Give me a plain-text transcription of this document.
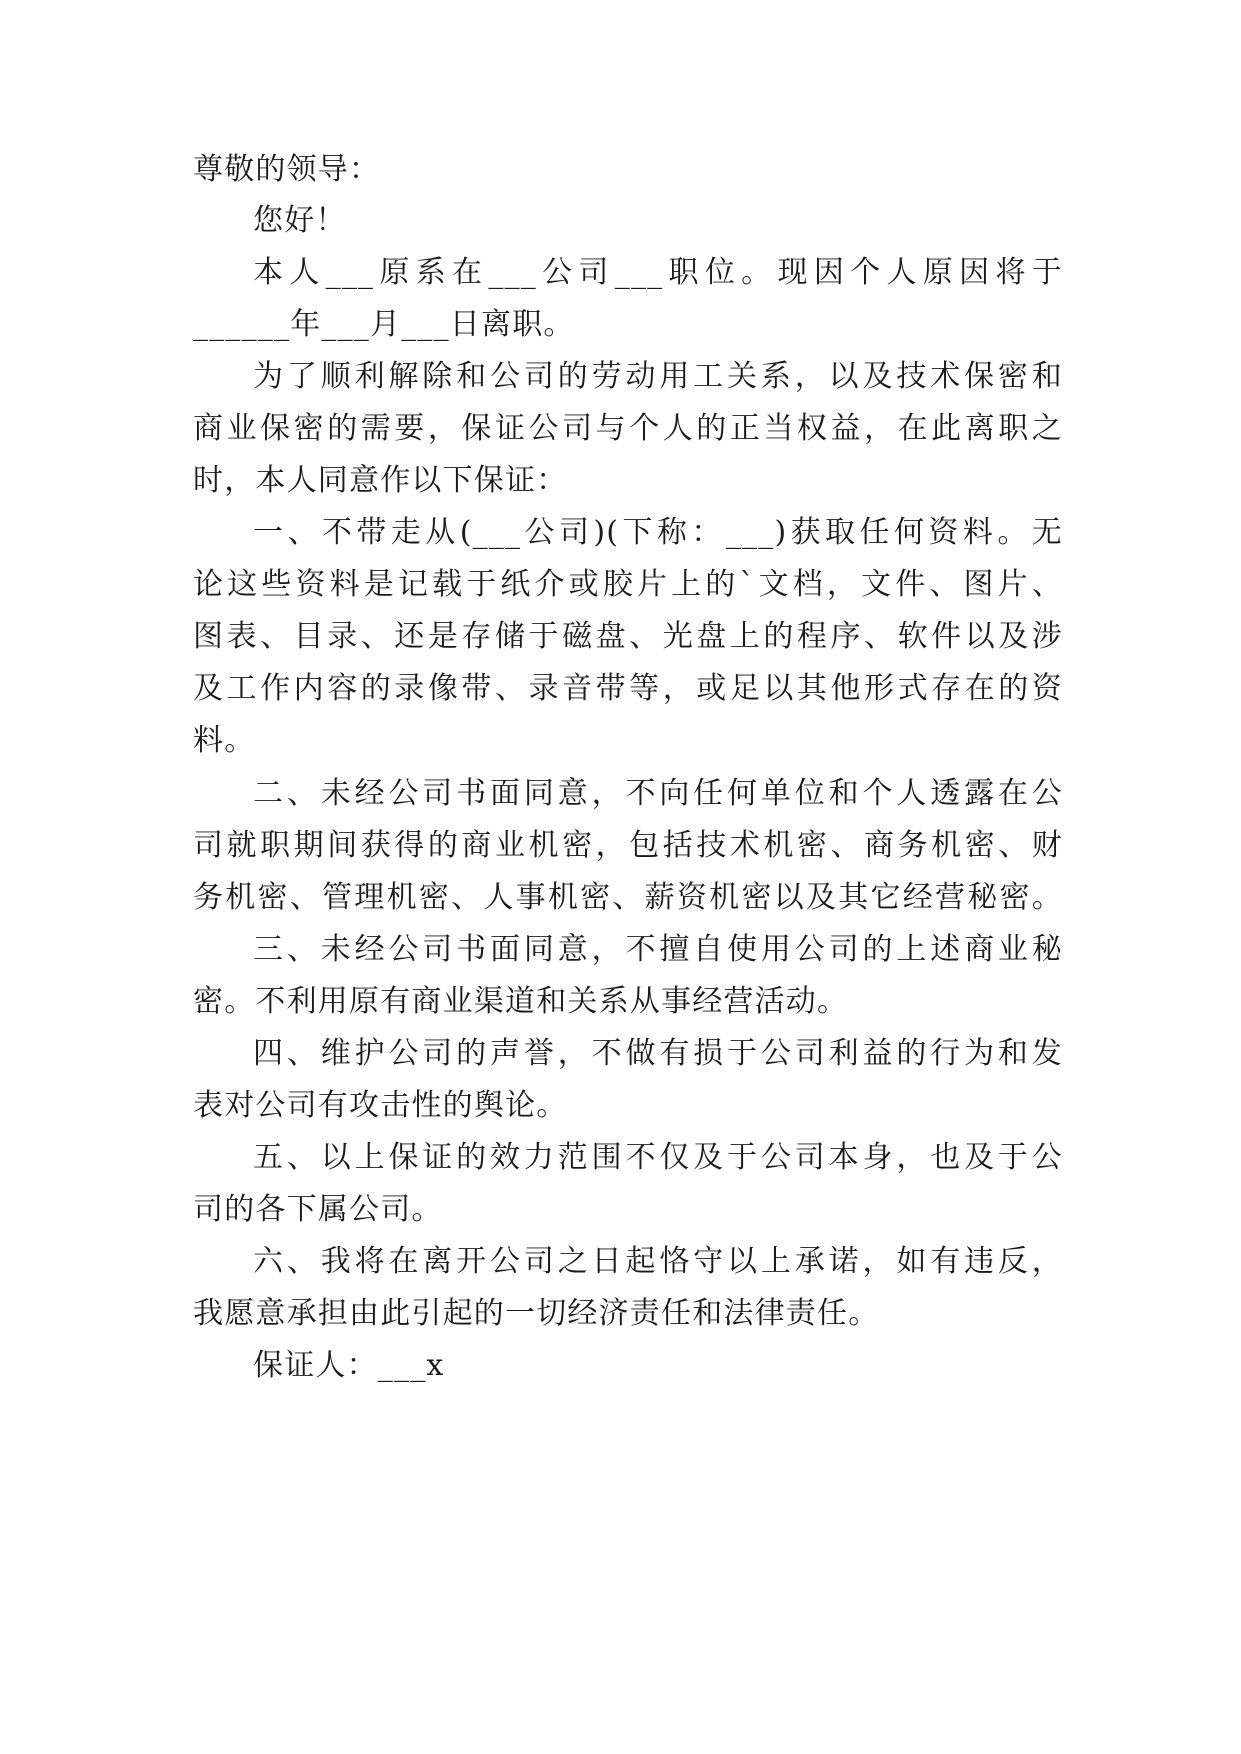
尊敬的领导：
您好！
本人___原系在___公司___职位。现因个人原因将于
______年___月___日离职。
为了顺利解除和公司的劳动用工关系，以及技术保密和
商业保密的需要，保证公司与个人的正当权益，在此离职之
时，本人同意作以下保证：
一、不带走从(___公司)(下称：___)获取任何资料。无
论这些资料是记载于纸介或胶片上的`文档，文件、图片、
图表、目录、还是存储于磁盘、光盘上的程序、软件以及涉
及工作内容的录像带、录音带等，或足以其他形式存在的资
料。
二、未经公司书面同意，不向任何单位和个人透露在公
司就职期间获得的商业机密，包括技术机密、商务机密、财
务机密、管理机密、人事机密、薪资机密以及其它经营秘密。
三、未经公司书面同意，不擅自使用公司的上述商业秘
密。不利用原有商业渠道和关系从事经营活动。
四、维护公司的声誉，不做有损于公司利益的行为和发
表对公司有攻击性的舆论。
五、以上保证的效力范围不仅及于公司本身，也及于公
司的各下属公司。
六、我将在离开公司之日起恪守以上承诺，如有违反，
我愿意承担由此引起的一切经济责任和法律责任。
保证人：___x
